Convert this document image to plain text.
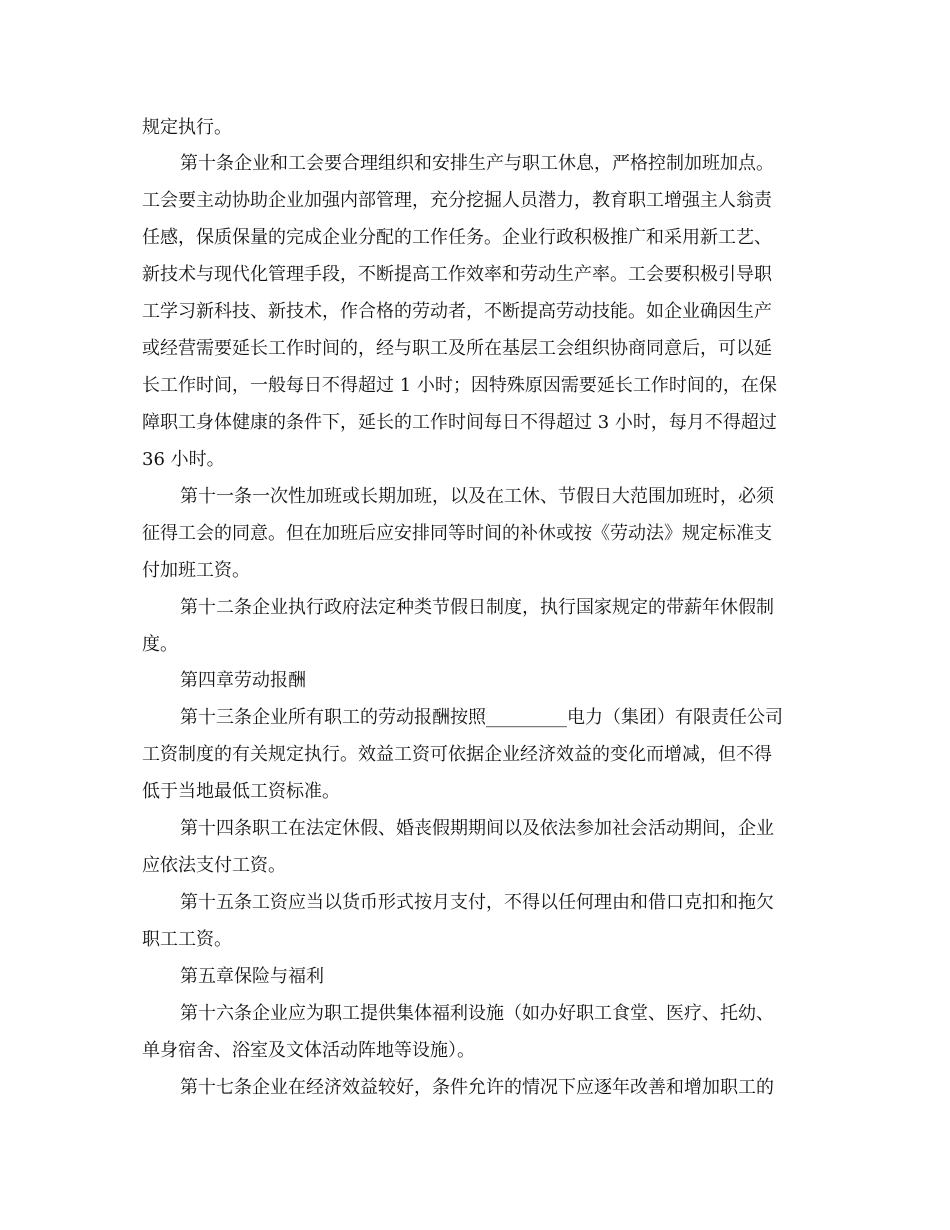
规定执行。
第十条企业和工会要合理组织和安排生产与职工休息，严格控制加班加点。
工会要主动协助企业加强内部管理，充分挖掘人员潜力，教育职工增强主人翁责
任感，保质保量的完成企业分配的工作任务。企业行政积极推广和采用新工艺、
新技术与现代化管理手段，不断提高工作效率和劳动生产率。工会要积极引导职
工学习新科技、新技术，作合格的劳动者，不断提高劳动技能。如企业确因生产
或经营需要延长工作时间的，经与职工及所在基层工会组织协商同意后，可以延
长工作时间，一般每日不得超过 1 小时；因特殊原因需要延长工作时间的，在保
障职工身体健康的条件下，延长的工作时间每日不得超过 3 小时，每月不得超过
36 小时。
第十一条一次性加班或长期加班，以及在工休、节假日大范围加班时，必须
征得工会的同意。但在加班后应安排同等时间的补休或按《劳动法》规定标准支
付加班工资。
第十二条企业执行政府法定种类节假日制度，执行国家规定的带薪年休假制
度。
第四章劳动报酬
第十三条企业所有职工的劳动报酬按照_________电力（集团）有限责任公司
工资制度的有关规定执行。效益工资可依据企业经济效益的变化而增减，但不得
低于当地最低工资标准。
第十四条职工在法定休假、婚丧假期期间以及依法参加社会活动期间，企业
应依法支付工资。
第十五条工资应当以货币形式按月支付，不得以任何理由和借口克扣和拖欠
职工工资。
第五章保险与福利
第十六条企业应为职工提供集体福利设施（如办好职工食堂、医疗、托幼、
单身宿舍、浴室及文体活动阵地等设施）。
第十七条企业在经济效益较好，条件允许的情况下应逐年改善和增加职工的
